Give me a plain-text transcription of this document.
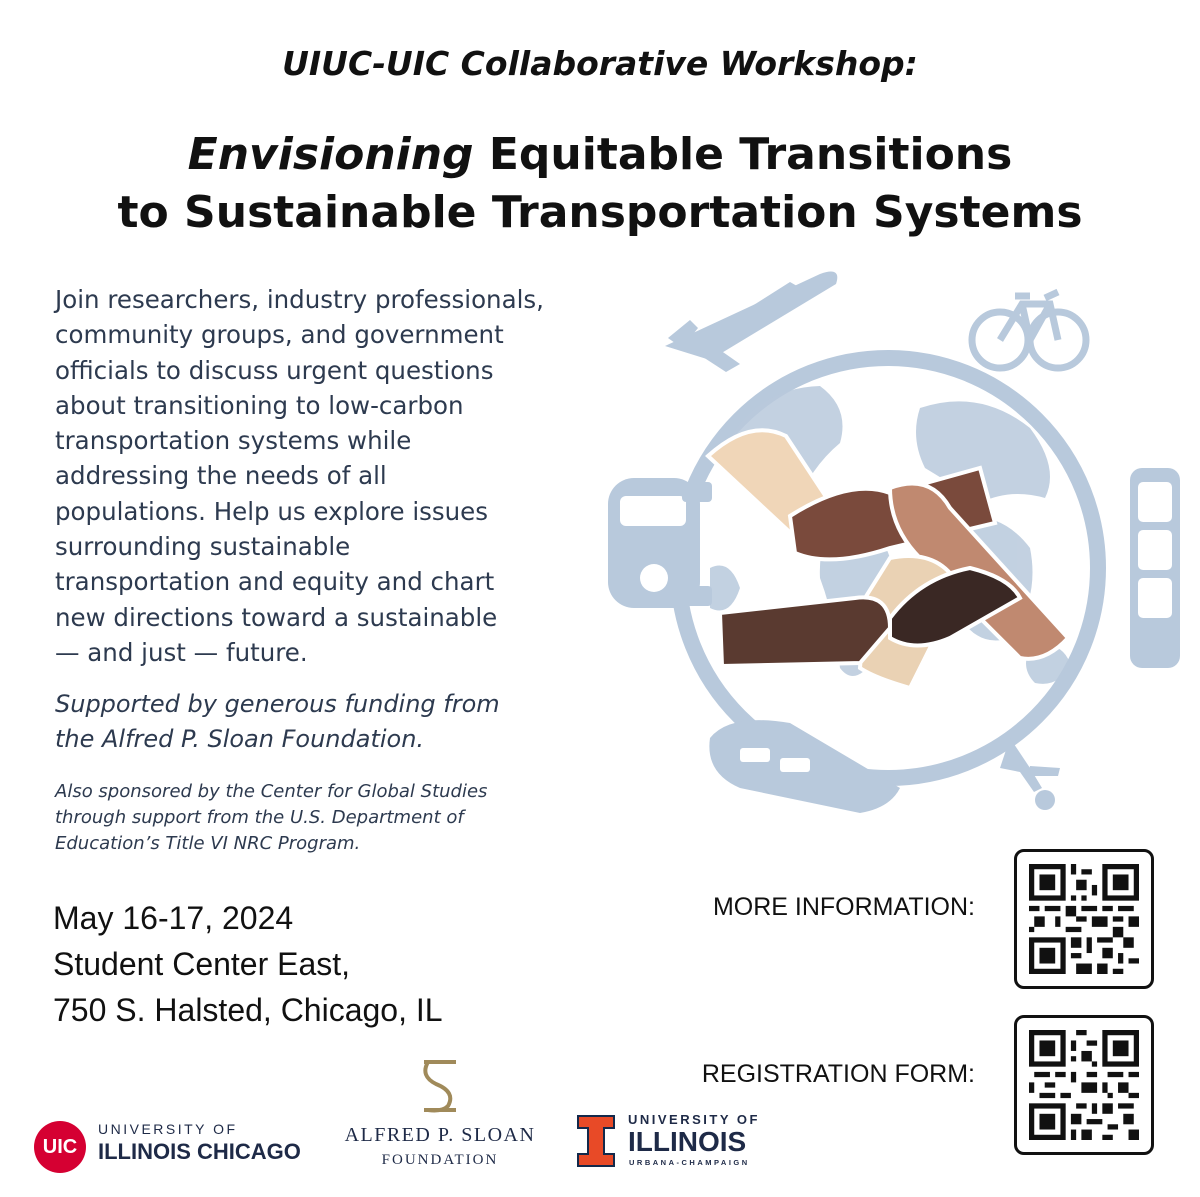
UIUC-UIC Collaborative Workshop:
Envisioning Equitable Transitions
to Sustainable Transportation Systems
Join researchers, industry professionals,
community groups, and government
officials to discuss urgent questions
about transitioning to low-carbon
transportation systems while
addressing the needs of all
populations. Help us explore issues
surrounding sustainable
transportation and equity and chart
new directions toward a sustainable
— and just — future.
Supported by generous funding from
the Alfred P. Sloan Foundation.
Also sponsored by the Center for Global Studies
through support from the U.S. Department of
Education’s Title VI NRC Program.
May 16-17, 2024
Student Center East,
750 S. Halsted, Chicago, IL
MORE INFORMATION:
REGISTRATION FORM:
UIC
UNIVERSITY OF
ILLINOIS CHICAGO
ALFRED P. SLOAN
FOUNDATION
UNIVERSITY OF
ILLINOIS
URBANA-CHAMPAIGN
